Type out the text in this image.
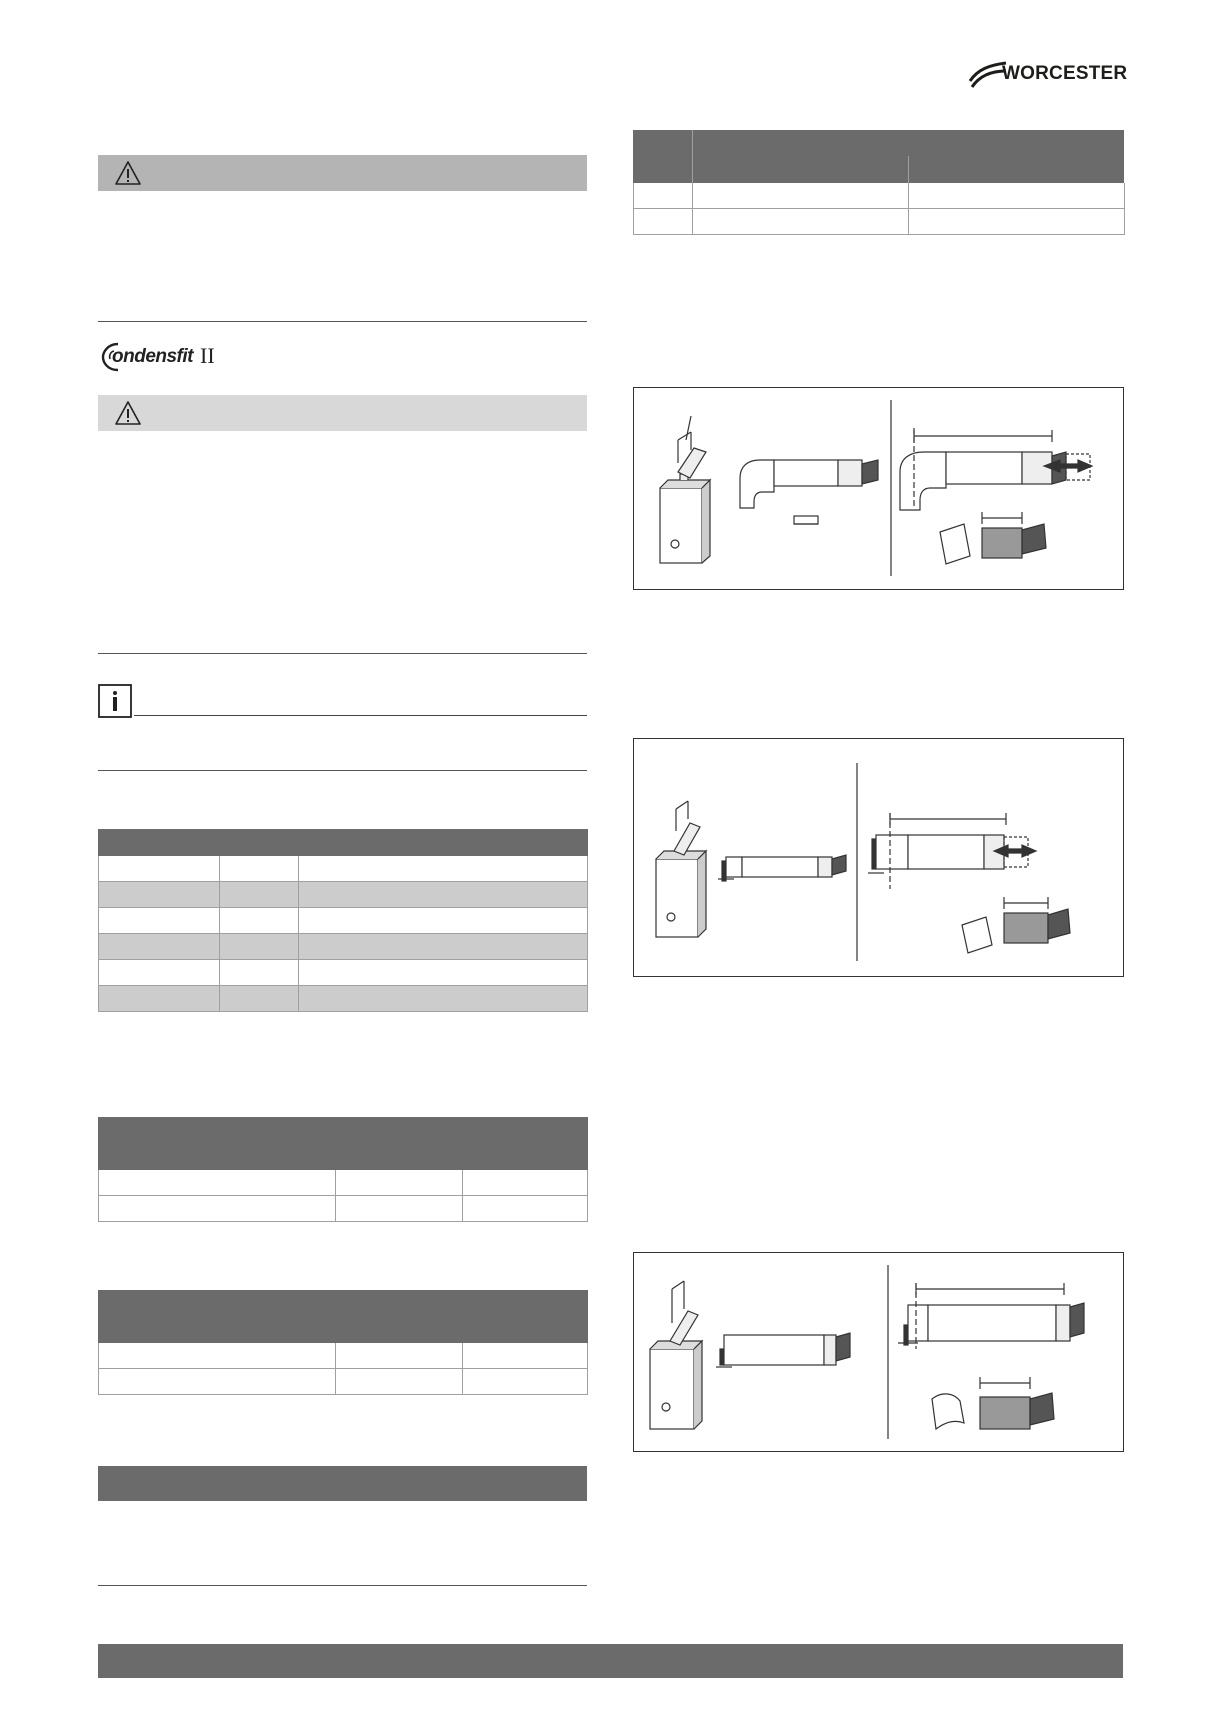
WORCESTER
ondensfit II
